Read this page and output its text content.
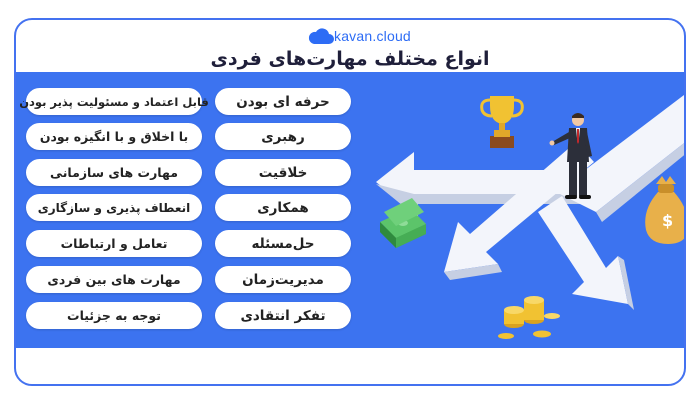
kavan.cloud
انواع مختلف مهارت‌های فردی
قابل اعتماد و مسئولیت پذیر بودن
با اخلاق و با انگیزه بودن
مهارت های سازمانی
انعطاف پذیری و سازگاری
تعامل و ارتباطات
مهارت های بین فردی
توجه به جزئیات
حرفه ای بودن
رهبری
خلاقیت
همکاری
حل‌مسئله
مدیریت‌زمان
تفکر انتقادی
$
